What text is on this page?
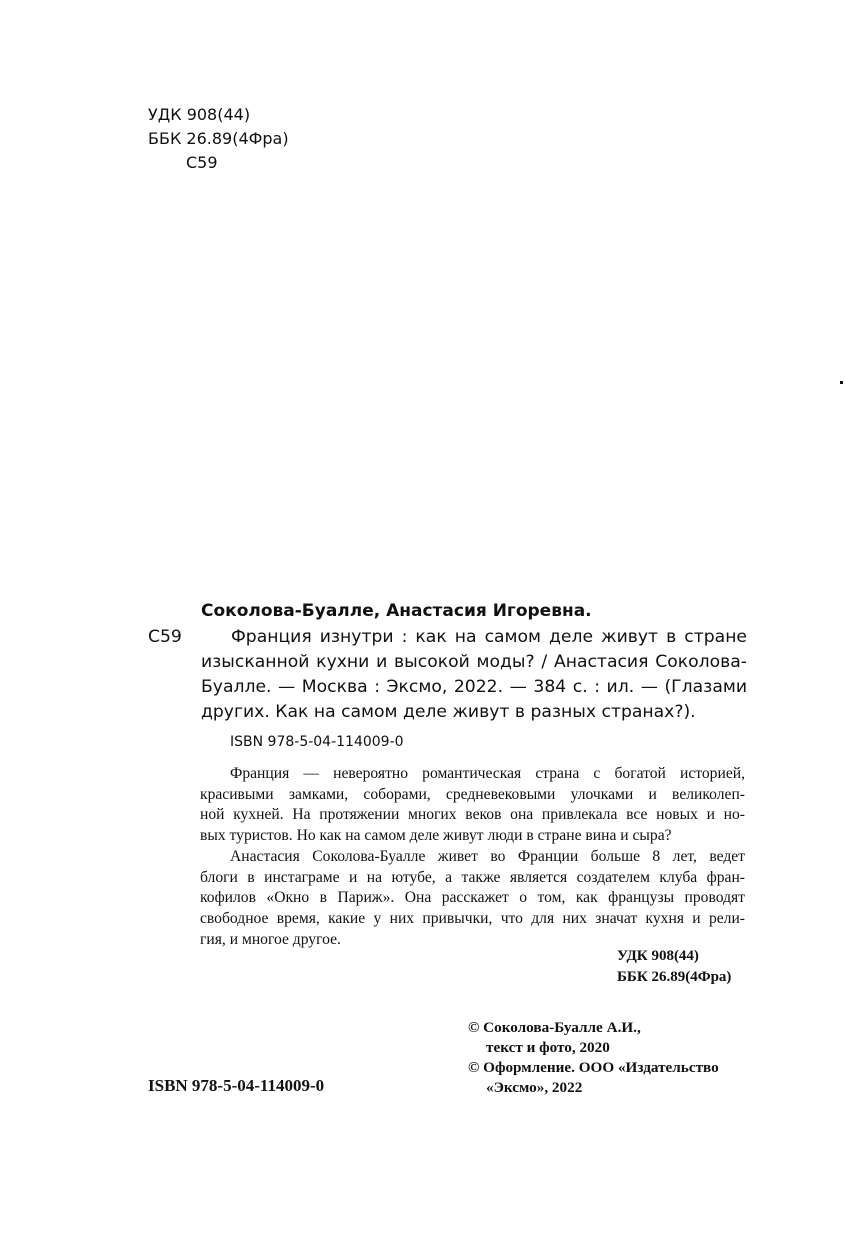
УДК 908(44)
ББК 26.89(4Фра)
С59
Соколова-Буалле, Анастасия Игоревна.
С59	Франция изнутри : как на самом деле живут в стране
изысканной кухни и высокой моды? / Анастасия Соколова-
Буалле. — Москва : Эксмо, 2022. — 384 с. : ил. — (Глазами
других. Как на самом деле живут в разных странах?).
ISBN 978-5-04-114009-0
Франция — невероятно романтическая страна с богатой историей,
красивыми замками, соборами, средневековыми улочками и великолеп-
ной кухней. На протяжении многих веков она привлекала все новых и но-
вых туристов. Но как на самом деле живут люди в стране вина и сыра?
Анастасия Соколова-Буалле живет во Франции больше 8 лет, ведет
блоги в инстаграме и на ютубе, а также является создателем клуба фран-
кофилов «Окно в Париж». Она расскажет о том, как французы проводят
свободное время, какие у них привычки, что для них значат кухня и рели-
гия, и многое другое.
УДК 908(44)
ББК 26.89(4Фра)
© Соколова-Буалле А.И.,
текст и фото, 2020
© Оформление. ООО «Издательство
«Эксмо», 2022
ISBN 978-5-04-114009-0
